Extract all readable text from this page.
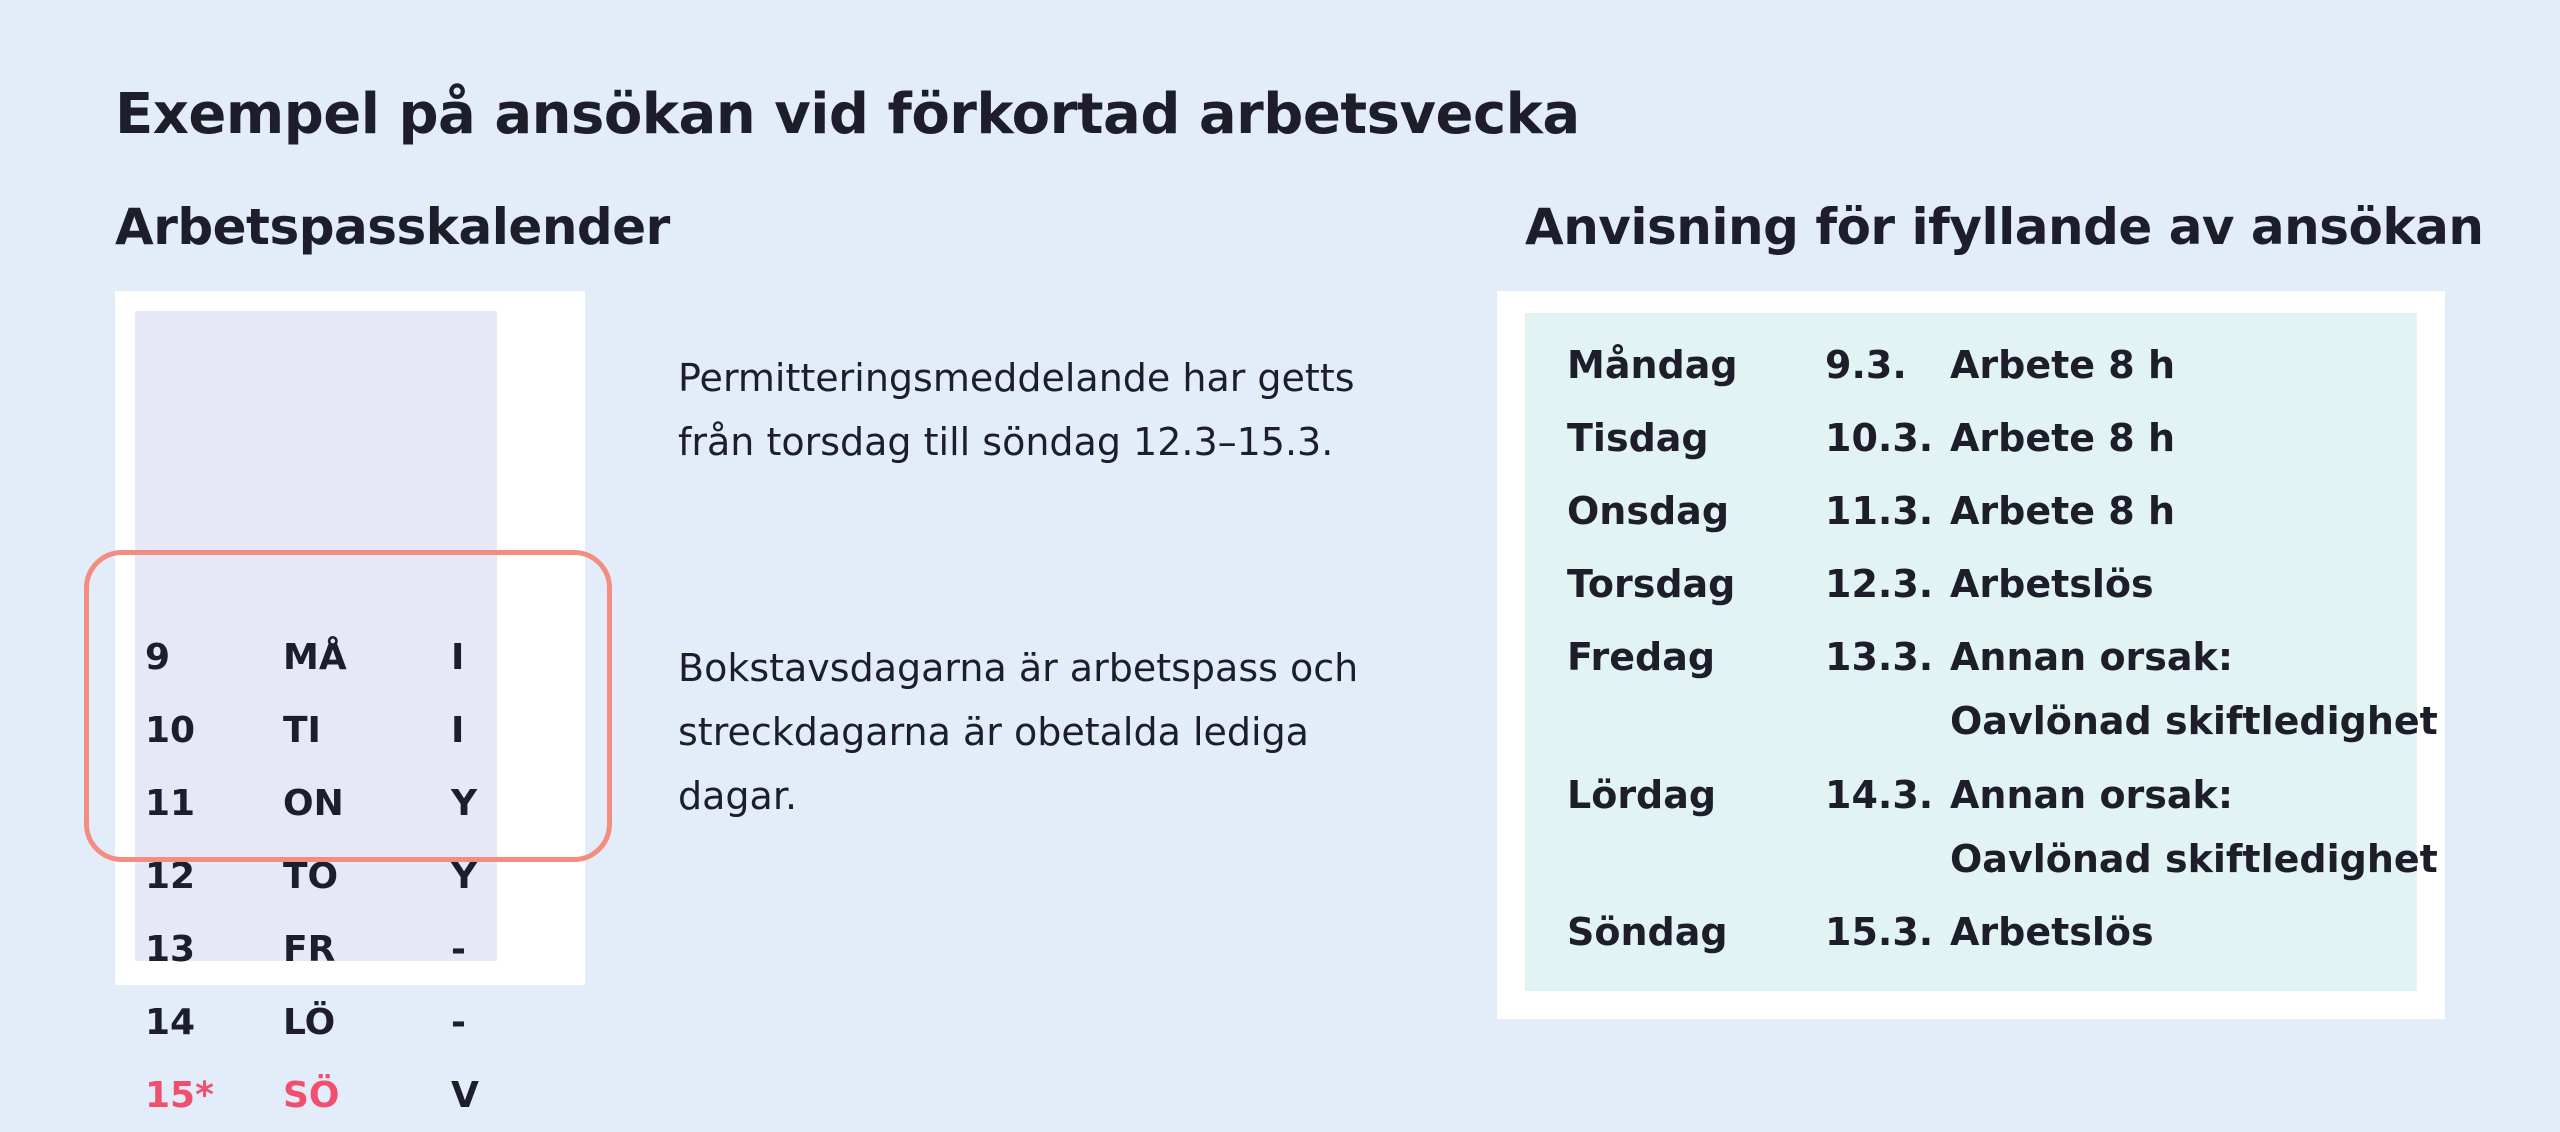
Exempel på ansökan vid förkortad arbetsvecka
Arbetspasskalender	Anvisning för ifyllande av ansökan
9	MÅ	I
10 TI	I
11 ON	Y
12 TO	Y
13 FR	-
14 LÖ	-
15* SÖ	V

Permitteringsmeddelande har getts från torsdag till söndag 12.3–15.3.

Bokstavsdagarna är arbetspass och streckdagarna är obetalda lediga dagar.

Måndag 9.3. Arbete 8 h
Tisdag	10.3. Arbete 8 h
Onsdag	11.3. Arbete 8 h
Torsdag 12.3. Arbetslös
Fredag	13.3. Annan orsak:
Oavlönad skiftledighet
Lördag	14.3. Annan orsak:
Oavlönad skiftledighet
Söndag	15.3. Arbetslös
